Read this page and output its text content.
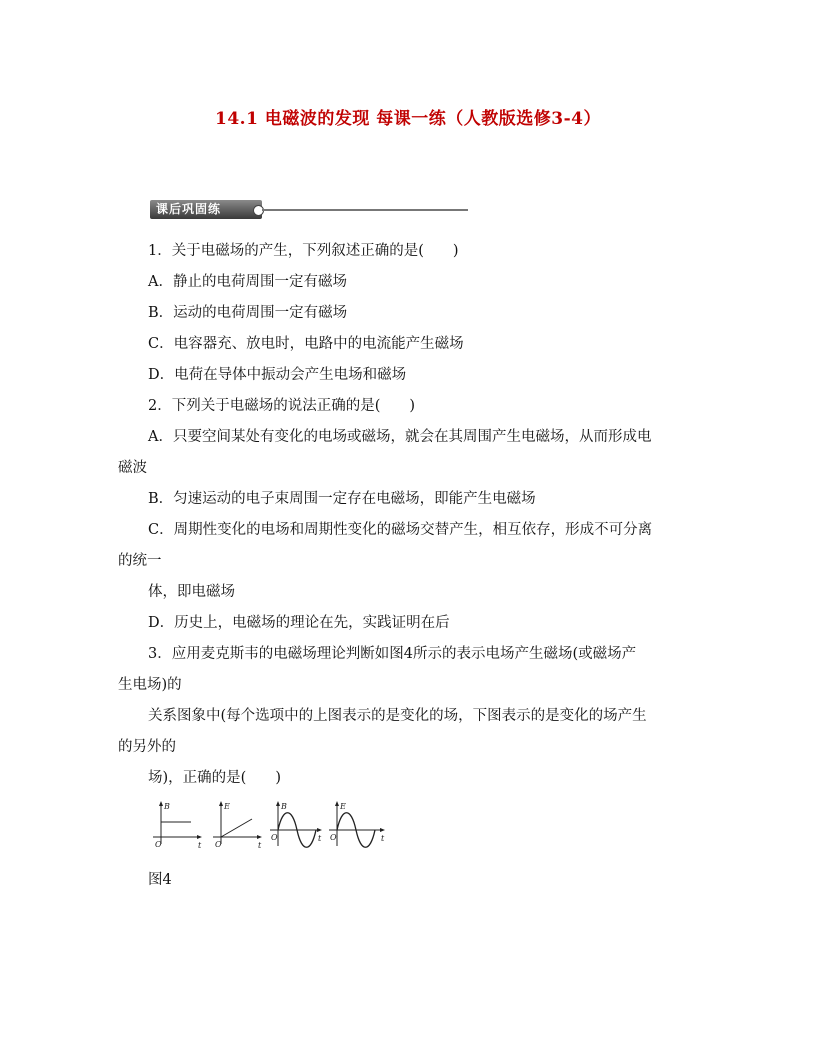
14.1 电磁波的发现 每课一练（人教版选修3-4）
课后巩固练
1．关于电磁场的产生，下列叙述正确的是(　　)
A．静止的电荷周围一定有磁场
B．运动的电荷周围一定有磁场
C．电容器充、放电时，电路中的电流能产生磁场
D．电荷在导体中振动会产生电场和磁场
2．下列关于电磁场的说法正确的是(　　)
A．只要空间某处有变化的电场或磁场，就会在其周围产生电磁场，从而形成电
磁波
B．匀速运动的电子束周围一定存在电磁场，即能产生电磁场
C．周期性变化的电场和周期性变化的磁场交替产生，相互依存，形成不可分离
的统一
体，即电磁场
D．历史上，电磁场的理论在先，实践证明在后
3．应用麦克斯韦的电磁场理论判断如图4所示的表示电场产生磁场(或磁场产
生电场)的
关系图象中(每个选项中的上图表示的是变化的场，下图表示的是变化的场产生
的另外的
场)，正确的是(　　)
B
O	t
E
O	t
B
O	t
E
O	t
图4
